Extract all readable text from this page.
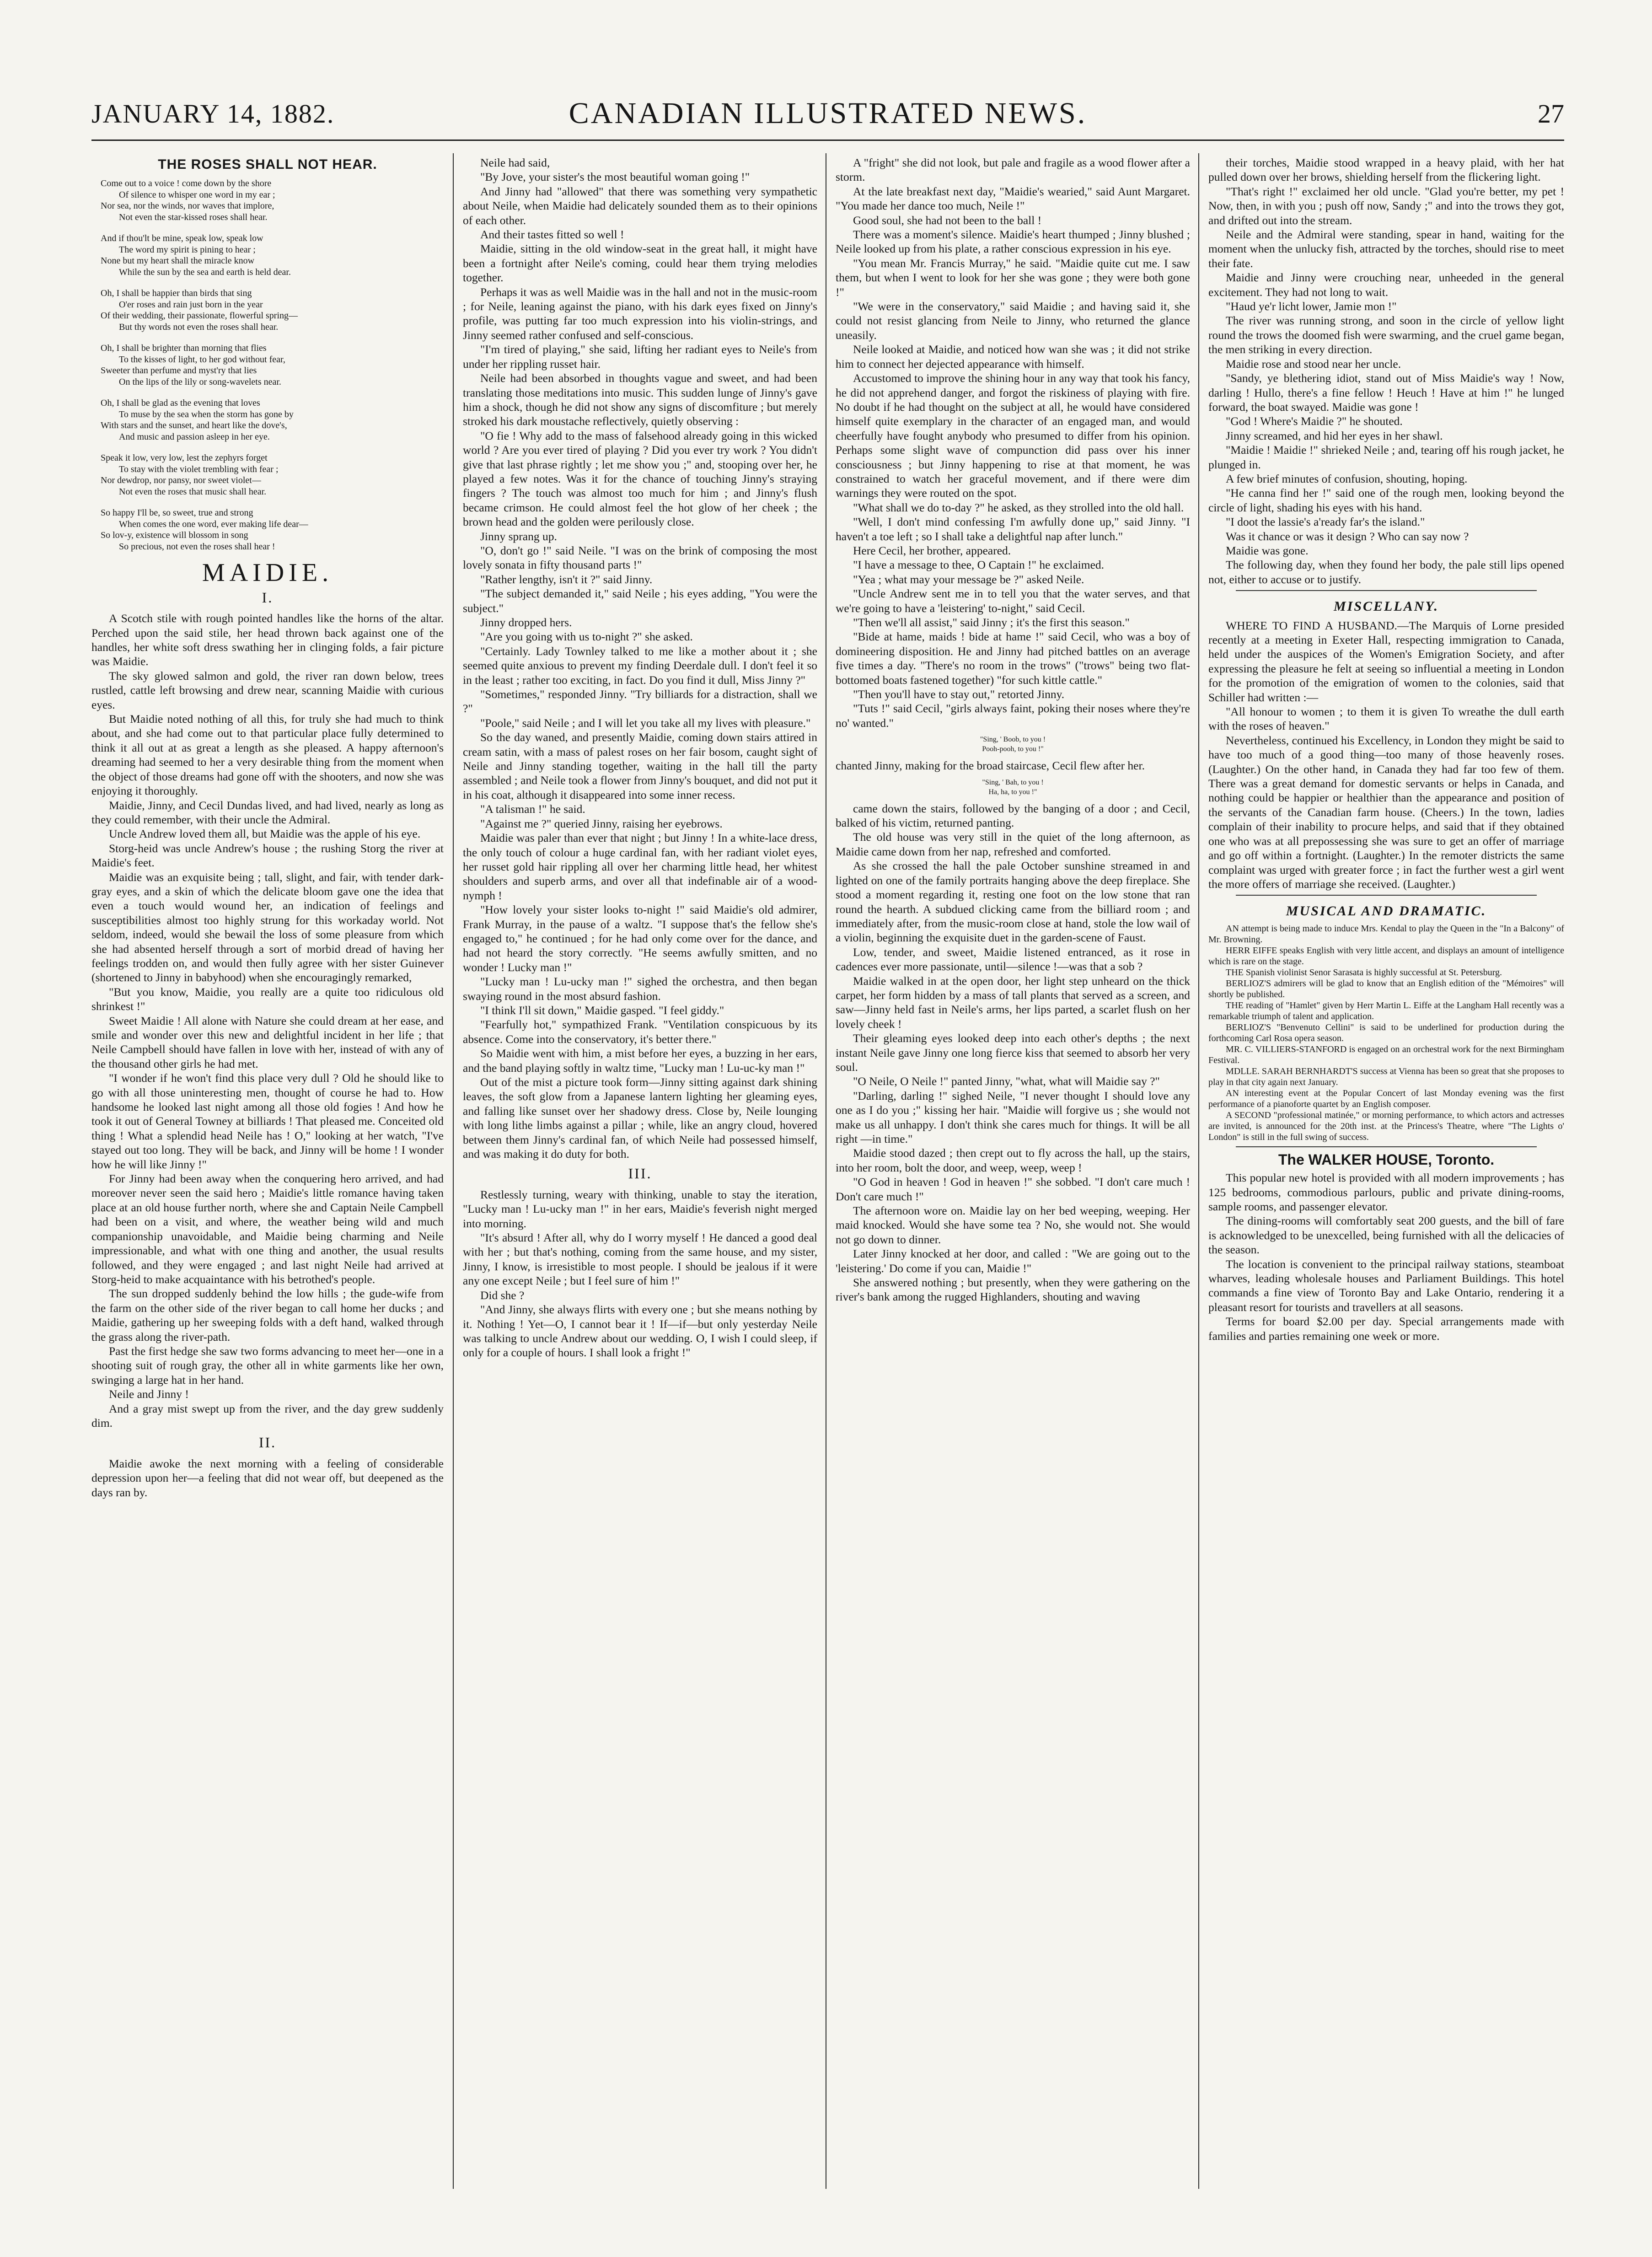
JANUARY 14, 1882.	CANADIAN ILLUSTRATED NEWS.	27
THE ROSES SHALL NOT HEAR.
Come out to a voice ! come down by the shore
Of silence to whisper one word in my ear ;
Nor sea, nor the winds, nor waves that implore,
Not even the star-kissed roses shall hear.
And if thou'lt be mine, speak low, speak low
The word my spirit is pining to hear ;
None but my heart shall the miracle know
While the sun by the sea and earth is held dear.
Oh, I shall be happier than birds that sing
O'er roses and rain just born in the year
Of their wedding, their passionate, flowerful spring—
But thy words not even the roses shall hear.
Oh, I shall be brighter than morning that flies
To the kisses of light, to her god without fear,
Sweeter than perfume and myst'ry that lies
On the lips of the lily or song-wavelets near.
Oh, I shall be glad as the evening that loves
To muse by the sea when the storm has gone by
With stars and the sunset, and heart like the dove's,
And music and passion asleep in her eye.
Speak it low, very low, lest the zephyrs forget
To stay with the violet trembling with fear ;
Nor dewdrop, nor pansy, nor sweet violet—
Not even the roses that music shall hear.
So happy I'll be, so sweet, true and strong
When comes the one word, ever making life dear—
So lov-y, existence will blossom in song
So precious, not even the roses shall hear !
MAIDIE.
I.

A Scotch stile with rough pointed handles like the horns of the altar. Perched upon the said stile, her head thrown back against one of the handles, her white soft dress swathing her in clinging folds, a fair picture was Maidie.

The sky glowed salmon and gold, the river ran down below, trees rustled, cattle left browsing and drew near, scanning Maidie with curious eyes.

But Maidie noted nothing of all this, for truly she had much to think about, and she had come out to that particular place fully determined to think it all out at as great a length as she pleased. A happy afternoon's dreaming had seemed to her a very desirable thing from the moment when the object of those dreams had gone off with the shooters, and now she was enjoying it thoroughly.

Maidie, Jinny, and Cecil Dundas lived, and had lived, nearly as long as they could remember, with their uncle the Admiral.

Uncle Andrew loved them all, but Maidie was the apple of his eye.

Storg-heid was uncle Andrew's house ; the rushing Storg the river at Maidie's feet.

Maidie was an exquisite being ; tall, slight, and fair, with tender dark-gray eyes, and a skin of which the delicate bloom gave one the idea that even a touch would wound her, an indication of feelings and susceptibilities almost too highly strung for this workaday world. Not seldom, indeed, would she bewail the loss of some pleasure from which she had absented herself through a sort of morbid dread of having her feelings trodden on, and would then fully agree with her sister Guinever (shortened to Jinny in babyhood) when she encouragingly remarked,

"But you know, Maidie, you really are a quite too ridiculous old shrinkest !"

Sweet Maidie ! All alone with Nature she could dream at her ease, and smile and wonder over this new and delightful incident in her life ; that Neile Campbell should have fallen in love with her, instead of with any of the thousand other girls he had met.

"I wonder if he won't find this place very dull ? Old he should like to go with all those uninteresting men, thought of course he had to. How handsome he looked last night among all those old fogies ! And how he took it out of General Towney at billiards ! That pleased me. Conceited old thing ! What a splendid head Neile has ! O," looking at her watch, "I've stayed out too long. They will be back, and Jinny will be home ! I wonder how he will like Jinny !"

For Jinny had been away when the conquering hero arrived, and had moreover never seen the said hero ; Maidie's little romance having taken place at an old house further north, where she and Captain Neile Campbell had been on a visit, and where, the weather being wild and much companionship unavoidable, and Maidie being charming and Neile impressionable, and what with one thing and another, the usual results followed, and they were engaged ; and last night Neile had arrived at Storg-heid to make acquaintance with his betrothed's people.

The sun dropped suddenly behind the low hills ; the gude-wife from the farm on the other side of the river began to call home her ducks ; and Maidie, gathering up her sweeping folds with a deft hand, walked through the grass along the river-path.

Past the first hedge she saw two forms advancing to meet her—one in a shooting suit of rough gray, the other all in white garments like her own, swinging a large hat in her hand.

Neile and Jinny !

And a gray mist swept up from the river, and the day grew suddenly dim.

II.

Maidie awoke the next morning with a feeling of considerable depression upon her—a feeling that did not wear off, but deepened as the days ran by.

Neile had said,

"By Jove, your sister's the most beautiful woman going !"

And Jinny had "allowed" that there was something very sympathetic about Neile, when Maidie had delicately sounded them as to their opinions of each other.

And their tastes fitted so well !

Maidie, sitting in the old window-seat in the great hall, it might have been a fortnight after Neile's coming, could hear them trying melodies together.

Perhaps it was as well Maidie was in the hall and not in the music-room ; for Neile, leaning against the piano, with his dark eyes fixed on Jinny's profile, was putting far too much expression into his violin-strings, and Jinny seemed rather confused and self-conscious.

"I'm tired of playing," she said, lifting her radiant eyes to Neile's from under her rippling russet hair.

Neile had been absorbed in thoughts vague and sweet, and had been translating those meditations into music. This sudden lunge of Jinny's gave him a shock, though he did not show any signs of discomfiture ; but merely stroked his dark moustache reflectively, quietly observing :

"O fie ! Why add to the mass of falsehood already going in this wicked world ? Are you ever tired of playing ? Did you ever try work ? You didn't give that last phrase rightly ; let me show you ;" and, stooping over her, he played a few notes. Was it for the chance of touching Jinny's straying fingers ? The touch was almost too much for him ; and Jinny's flush became crimson. He could almost feel the hot glow of her cheek ; the brown head and the golden were perilously close.

Jinny sprang up.

"O, don't go !" said Neile. "I was on the brink of composing the most lovely sonata in fifty thousand parts !"

"Rather lengthy, isn't it ?" said Jinny.

"The subject demanded it," said Neile ; his eyes adding, "You were the subject."

Jinny dropped hers.

"Are you going with us to-night ?" she asked.

"Certainly. Lady Townley talked to me like a mother about it ; she seemed quite anxious to prevent my finding Deerdale dull. I don't feel it so in the least ; rather too exciting, in fact. Do you find it dull, Miss Jinny ?"

"Sometimes," responded Jinny. "Try billiards for a distraction, shall we ?"

"Poole," said Neile ; and I will let you take all my lives with pleasure."

So the day waned, and presently Maidie, coming down stairs attired in cream satin, with a mass of palest roses on her fair bosom, caught sight of Neile and Jinny standing together, waiting in the hall till the party assembled ; and Neile took a flower from Jinny's bouquet, and did not put it in his coat, although it disappeared into some inner recess.

"A talisman !" he said.

"Against me ?" queried Jinny, raising her eyebrows.

Maidie was paler than ever that night ; but Jinny ! In a white-lace dress, the only touch of colour a huge cardinal fan, with her radiant violet eyes, her russet gold hair rippling all over her charming little head, her whitest shoulders and superb arms, and over all that indefinable air of a wood-nymph !

"How lovely your sister looks to-night !" said Maidie's old admirer, Frank Murray, in the pause of a waltz. "I suppose that's the fellow she's engaged to," he continued ; for he had only come over for the dance, and had not heard the story correctly. "He seems awfully smitten, and no wonder ! Lucky man !"

"Lucky man ! Lu-ucky man !" sighed the orchestra, and then began swaying round in the most absurd fashion.

"I think I'll sit down," Maidie gasped. "I feel giddy."

"Fearfully hot," sympathized Frank. "Ventilation conspicuous by its absence. Come into the conservatory, it's better there."

So Maidie went with him, a mist before her eyes, a buzzing in her ears, and the band playing softly in waltz time, "Lucky man ! Lu-uc-ky man !"

Out of the mist a picture took form—Jinny sitting against dark shining leaves, the soft glow from a Japanese lantern lighting her gleaming eyes, and falling like sunset over her shadowy dress. Close by, Neile lounging with long lithe limbs against a pillar ; while, like an angry cloud, hovered between them Jinny's cardinal fan, of which Neile had possessed himself, and was making it do duty for both.

III.

Restlessly turning, weary with thinking, unable to stay the iteration, "Lucky man ! Lu-ucky man !" in her ears, Maidie's feverish night merged into morning.

"It's absurd ! After all, why do I worry myself ! He danced a good deal with her ; but that's nothing, coming from the same house, and my sister, Jinny, I know, is irresistible to most people. I should be jealous if it were any one except Neile ; but I feel sure of him !"

Did she ?

"And Jinny, she always flirts with every one ; but she means nothing by it. Nothing ! Yet—O, I cannot bear it ! If—if—but only yesterday Neile was talking to uncle Andrew about our wedding. O, I wish I could sleep, if only for a couple of hours. I shall look a fright !"

A "fright" she did not look, but pale and fragile as a wood flower after a storm.

At the late breakfast next day, "Maidie's wearied," said Aunt Margaret. "You made her dance too much, Neile !"

Good soul, she had not been to the ball !

There was a moment's silence. Maidie's heart thumped ; Jinny blushed ; Neile looked up from his plate, a rather conscious expression in his eye.

"You mean Mr. Francis Murray," he said. "Maidie quite cut me. I saw them, but when I went to look for her she was gone ; they were both gone !"

"We were in the conservatory," said Maidie ; and having said it, she could not resist glancing from Neile to Jinny, who returned the glance uneasily.

Neile looked at Maidie, and noticed how wan she was ; it did not strike him to connect her dejected appearance with himself.

Accustomed to improve the shining hour in any way that took his fancy, he did not apprehend danger, and forgot the riskiness of playing with fire. No doubt if he had thought on the subject at all, he would have considered himself quite exemplary in the character of an engaged man, and would cheerfully have fought anybody who presumed to differ from his opinion. Perhaps some slight wave of compunction did pass over his inner consciousness ; but Jinny happening to rise at that moment, he was constrained to watch her graceful movement, and if there were dim warnings they were routed on the spot.

"What shall we do to-day ?" he asked, as they strolled into the old hall.

"Well, I don't mind confessing I'm awfully done up," said Jinny. "I haven't a toe left ; so I shall take a delightful nap after lunch."

Here Cecil, her brother, appeared.

"I have a message to thee, O Captain !" he exclaimed.

"Yea ; what may your message be ?" asked Neile.

"Uncle Andrew sent me in to tell you that the water serves, and that we're going to have a 'leistering' to-night," said Cecil.

"Then we'll all assist," said Jinny ; it's the first this season."

"Bide at hame, maids ! bide at hame !" said Cecil, who was a boy of domineering disposition. He and Jinny had pitched battles on an average five times a day. "There's no room in the trows" ("trows" being two flat-bottomed boats fastened together) "for such kittle cattle."

"Then you'll have to stay out," retorted Jinny.

"Tuts !" said Cecil, "girls always faint, poking their noses where they're no' wanted."

"Sing, ' Boob, to you !
Pooh-pooh, to you !"

chanted Jinny, making for the broad staircase, Cecil flew after her.

"Sing, ' Bah, to you !
Ha, ha, to you !"

came down the stairs, followed by the banging of a door ; and Cecil, balked of his victim, returned panting.

The old house was very still in the quiet of the long afternoon, as Maidie came down from her nap, refreshed and comforted.

As she crossed the hall the pale October sunshine streamed in and lighted on one of the family portraits hanging above the deep fireplace. She stood a moment regarding it, resting one foot on the low stone that ran round the hearth. A subdued clicking came from the billiard room ; and immediately after, from the music-room close at hand, stole the low wail of a violin, beginning the exquisite duet in the garden-scene of Faust.

Low, tender, and sweet, Maidie listened entranced, as it rose in cadences ever more passionate, until—silence !—was that a sob ?

Maidie walked in at the open door, her light step unheard on the thick carpet, her form hidden by a mass of tall plants that served as a screen, and saw—Jinny held fast in Neile's arms, her lips parted, a scarlet flush on her lovely cheek !

Their gleaming eyes looked deep into each other's depths ; the next instant Neile gave Jinny one long fierce kiss that seemed to absorb her very soul.

"O Neile, O Neile !" panted Jinny, "what, what will Maidie say ?"

"Darling, darling !" sighed Neile, "I never thought I should love any one as I do you ;" kissing her hair. "Maidie will forgive us ; she would not make us all unhappy. I don't think she cares much for things. It will be all right —in time."

Maidie stood dazed ; then crept out to fly across the hall, up the stairs, into her room, bolt the door, and weep, weep, weep !

"O God in heaven ! God in heaven !" she sobbed. "I don't care much ! Don't care much !"

The afternoon wore on. Maidie lay on her bed weeping, weeping. Her maid knocked. Would she have some tea ? No, she would not. She would not go down to dinner.

Later Jinny knocked at her door, and called : "We are going out to the 'leistering.' Do come if you can, Maidie !"

She answered nothing ; but presently, when they were gathering on the river's bank among the rugged Highlanders, shouting and waving

their torches, Maidie stood wrapped in a heavy plaid, with her hat pulled down over her brows, shielding herself from the flickering light.

"That's right !" exclaimed her old uncle. "Glad you're better, my pet ! Now, then, in with you ; push off now, Sandy ;" and into the trows they got, and drifted out into the stream.

Neile and the Admiral were standing, spear in hand, waiting for the moment when the unlucky fish, attracted by the torches, should rise to meet their fate.

Maidie and Jinny were crouching near, unheeded in the general excitement. They had not long to wait.

"Haud ye'r licht lower, Jamie mon !"

The river was running strong, and soon in the circle of yellow light round the trows the doomed fish were swarming, and the cruel game began, the men striking in every direction.

Maidie rose and stood near her uncle.

"Sandy, ye blethering idiot, stand out of Miss Maidie's way ! Now, darling ! Hullo, there's a fine fellow ! Heuch ! Have at him !" he lunged forward, the boat swayed. Maidie was gone !

"God ! Where's Maidie ?" he shouted.

Jinny screamed, and hid her eyes in her shawl.

"Maidie ! Maidie !" shrieked Neile ; and, tearing off his rough jacket, he plunged in.

A few brief minutes of confusion, shouting, hoping.

"He canna find her !" said one of the rough men, looking beyond the circle of light, shading his eyes with his hand.

"I doot the lassie's a'ready far's the island."

Was it chance or was it design ? Who can say now ?

Maidie was gone.

The following day, when they found her body, the pale still lips opened not, either to accuse or to justify.

MISCELLANY.

WHERE TO FIND A HUSBAND.—The Marquis of Lorne presided recently at a meeting in Exeter Hall, respecting immigration to Canada, held under the auspices of the Women's Emigration Society, and after expressing the pleasure he felt at seeing so influential a meeting in London for the promotion of the emigration of women to the colonies, said that Schiller had written :—

"All honour to women ; to them it is given To wreathe the dull earth with the roses of heaven."

Nevertheless, continued his Excellency, in London they might be said to have too much of a good thing—too many of those heavenly roses. (Laughter.) On the other hand, in Canada they had far too few of them. There was a great demand for domestic servants or helps in Canada, and nothing could be happier or healthier than the appearance and position of the servants of the Canadian farm house. (Cheers.) In the town, ladies complain of their inability to procure helps, and said that if they obtained one who was at all prepossessing she was sure to get an offer of marriage and go off within a fortnight. (Laughter.) In the remoter districts the same complaint was urged with greater force ; in fact the further west a girl went the more offers of marriage she received. (Laughter.)

MUSICAL AND DRAMATIC.

AN attempt is being made to induce Mrs. Kendal to play the Queen in the "In a Balcony" of Mr. Browning.

HERR EIFFE speaks English with very little accent, and displays an amount of intelligence which is rare on the stage.

THE Spanish violinist Senor Sarasata is highly successful at St. Petersburg.

BERLIOZ'S admirers will be glad to know that an English edition of the "Mémoires" will shortly be published.

THE reading of "Hamlet" given by Herr Martin L. Eiffe at the Langham Hall recently was a remarkable triumph of talent and application.

BERLIOZ'S "Benvenuto Cellini" is said to be underlined for production during the forthcoming Carl Rosa opera season.

MR. C. VILLIERS-STANFORD is engaged on an orchestral work for the next Birmingham Festival.

MDLLE. SARAH BERNHARDT'S success at Vienna has been so great that she proposes to play in that city again next January.

AN interesting event at the Popular Concert of last Monday evening was the first performance of a pianoforte quartet by an English composer.

A SECOND "professional matinée," or morning performance, to which actors and actresses are invited, is announced for the 20th inst. at the Princess's Theatre, where "The Lights o' London" is still in the full swing of success.

The WALKER HOUSE, Toronto.

This popular new hotel is provided with all modern improvements ; has 125 bedrooms, commodious parlours, public and private dining-rooms, sample rooms, and passenger elevator.

The dining-rooms will comfortably seat 200 guests, and the bill of fare is acknowledged to be unexcelled, being furnished with all the delicacies of the season.

The location is convenient to the principal railway stations, steamboat wharves, leading wholesale houses and Parliament Buildings. This hotel commands a fine view of Toronto Bay and Lake Ontario, rendering it a pleasant resort for tourists and travellers at all seasons.

Terms for board $2.00 per day. Special arrangements made with families and parties remaining one week or more.
